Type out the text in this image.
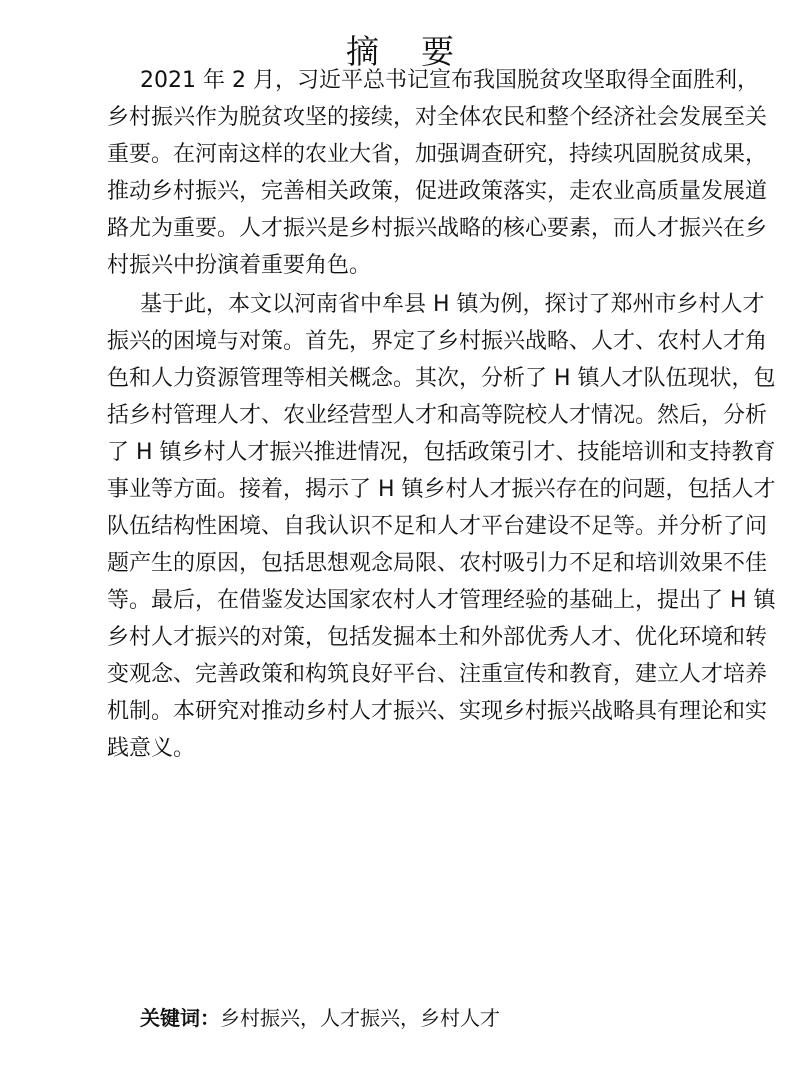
摘 要
2021 年 2 月，习近平总书记宣布我国脱贫攻坚取得全面胜利，
乡村振兴作为脱贫攻坚的接续，对全体农民和整个经济社会发展至关
重要。在河南这样的农业大省，加强调查研究，持续巩固脱贫成果，
推动乡村振兴，完善相关政策，促进政策落实，走农业高质量发展道
路尤为重要。人才振兴是乡村振兴战略的核心要素，而人才振兴在乡
村振兴中扮演着重要角色。
基于此，本文以河南省中牟县 H 镇为例，探讨了郑州市乡村人才
振兴的困境与对策。首先，界定了乡村振兴战略、人才、农村人才角
色和人力资源管理等相关概念。其次，分析了 H 镇人才队伍现状，包
括乡村管理人才、农业经营型人才和高等院校人才情况。然后，分析
了 H 镇乡村人才振兴推进情况，包括政策引才、技能培训和支持教育
事业等方面。接着，揭示了 H 镇乡村人才振兴存在的问题，包括人才
队伍结构性困境、自我认识不足和人才平台建设不足等。并分析了问
题产生的原因，包括思想观念局限、农村吸引力不足和培训效果不佳
等。最后，在借鉴发达国家农村人才管理经验的基础上，提出了 H 镇
乡村人才振兴的对策，包括发掘本土和外部优秀人才、优化环境和转
变观念、完善政策和构筑良好平台、注重宣传和教育，建立人才培养
机制。本研究对推动乡村人才振兴、实现乡村振兴战略具有理论和实
践意义。
关键词：乡村振兴，人才振兴，乡村人才
